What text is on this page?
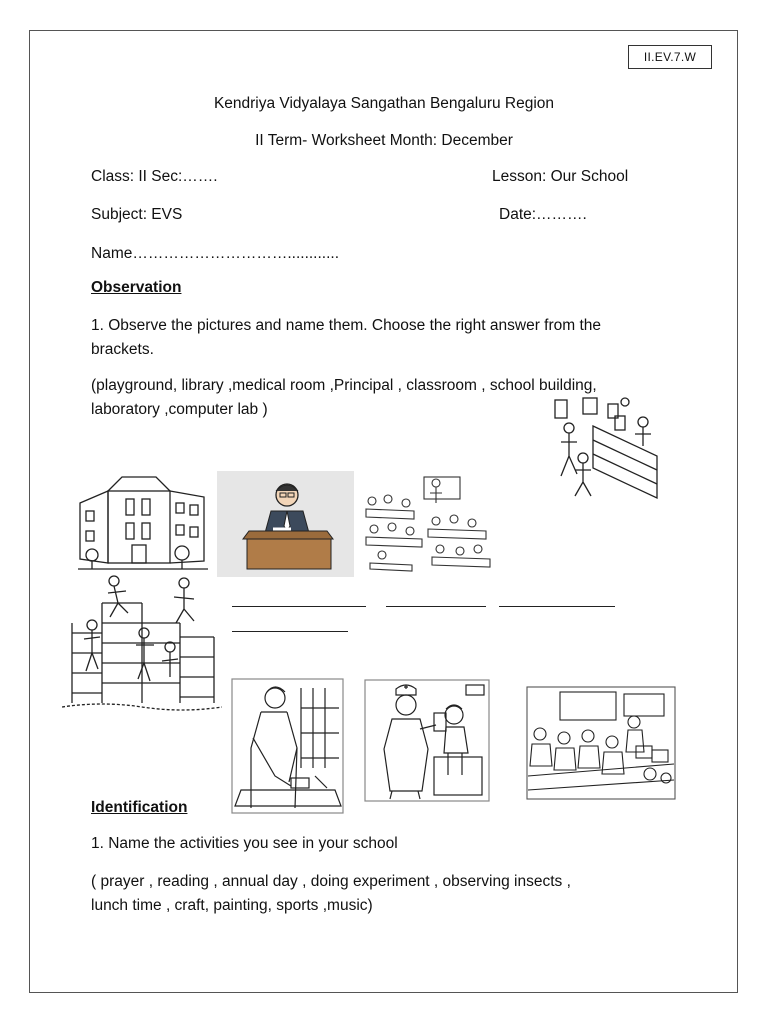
II.EV.7.W
Kendriya Vidyalaya Sangathan Bengaluru Region
II Term- Worksheet Month: December
Class: II Sec:…….	Lesson: Our School
Subject: EVS	Date:……….
Name…………………………............
Observation
1. Observe the pictures and name them. Choose the right answer from the
brackets.
(playground, library ,medical room ,Principal , classroom , school building,
laboratory ,computer lab )
Identification
1. Name the activities you see in your school
( prayer , reading , annual day , doing experiment , observing insects ,
lunch time , craft, painting, sports ,music)
